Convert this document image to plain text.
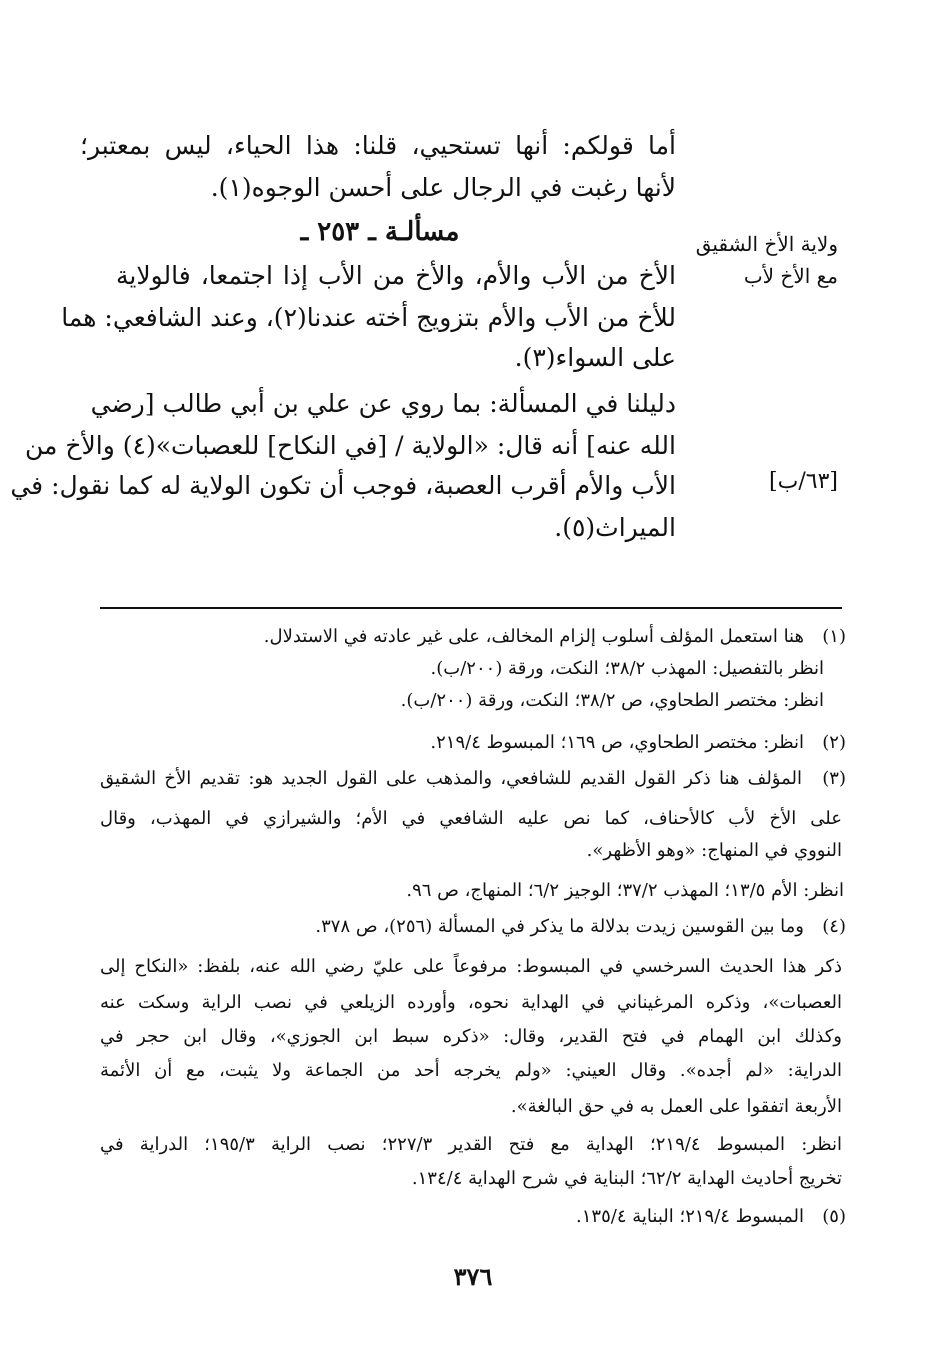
أما قولكم: أنها تستحيي، قلنا: هذا الحياء، ليس بمعتبر؛
لأنها رغبت في الرجال على أحسن الوجوه(١).
مسألـة ـ ٢٥٣ ـ	ولاية الأخ الشقيق
مع الأخ لأب
الأخ من الأب والأم، والأخ من الأب إذا اجتمعا، فالولاية
للأخ من الأب والأم بتزويج أخته عندنا(٢)، وعند الشافعي: هما
على السواء(٣).
دليلنا في المسألة: بما روي عن علي بن أبي طالب [رضي
الله عنه] أنه قال: «الولاية / [في النكاح] للعصبات»(٤) والأخ من
الأب والأم أقرب العصبة، فوجب أن تكون الولاية له كما نقول: في
الميراث(٥).
[٦٣/ب]
(١)
هنا استعمل المؤلف أسلوب إلزام المخالف، على غير عادته في الاستدلال.
انظر بالتفصيل: المهذب ٣٨/٢؛ النكت، ورقة (٢٠٠/ب).
انظر: مختصر الطحاوي، ص ٣٨/٢؛ النكت، ورقة (٢٠٠/ب).
(٢)
انظر: مختصر الطحاوي، ص ١٦٩؛ المبسوط ٢١٩/٤.
(٣)
المؤلف هنا ذكر القول القديم للشافعي، والمذهب على القول الجديد هو: تقديم الأخ الشقيق
على الأخ لأب كالأحناف، كما نص عليه الشافعي في الأم؛ والشيرازي في المهذب، وقال
النووي في المنهاج: «وهو الأظهر».
انظر: الأم ١٣/٥؛ المهذب ٣٧/٢؛ الوجيز ٦/٢؛ المنهاج، ص ٩٦.
(٤)
وما بين القوسين زيدت بدلالة ما يذكر في المسألة (٢٥٦)، ص ٣٧٨.
ذكر هذا الحديث السرخسي في المبسوط: مرفوعاً على عليّ رضي الله عنه، بلفظ: «النكاح إلى
العصبات»، وذكره المرغيناني في الهداية نحوه، وأورده الزيلعي في نصب الراية وسكت عنه
وكذلك ابن الهمام في فتح القدير، وقال: «ذكره سبط ابن الجوزي»، وقال ابن حجر في
الدراية: «لم أجده». وقال العيني: «ولم يخرجه أحد من الجماعة ولا يثبت، مع أن الأئمة
الأربعة اتفقوا على العمل به في حق البالغة».
انظر: المبسوط ٢١٩/٤؛ الهداية مع فتح القدير ٢٢٧/٣؛ نصب الراية ١٩٥/٣؛ الدراية في
تخريج أحاديث الهداية ٦٢/٢؛ البناية في شرح الهداية ١٣٤/٤.
(٥)
المبسوط ٢١٩/٤؛ البناية ١٣٥/٤.
٣٧٦
